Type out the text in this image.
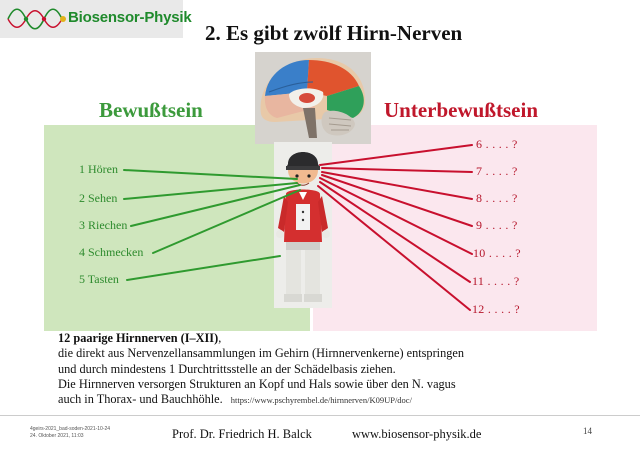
Biosensor-Physik
2. Es gibt zwölf Hirn-Nerven
Bewußtsein	Unterbewußtsein
1 Hören
2 Sehen
3 Riechen
4 Schmecken
5 Tasten
6 . . . . ?
7 . . . . ?
8 . . . . ?
9 . . . . ?
10 . . . . ?
11 . . . . ?
12 . . . . ?
12 paarige Hirnnerven (I–XII),
die direkt aus Nervenzellansammlungen im Gehirn (Hirnnervenkerne) entspringen
und durch mindestens 1 Durchtrittsstelle an der Schädelbasis ziehen.
Die Hirnnerven versorgen Strukturen an Kopf und Hals sowie über den N. vagus
auch in Thorax- und Bauchhöhle. https://www.pschyrembel.de/hirnnerven/K09UP/doc/
4geirs-2021_bad-soden-2021-10-24
24. Oktober 2021, 11:03	Prof. Dr. Friedrich H. Balck	www.biosensor-physik.de	14
